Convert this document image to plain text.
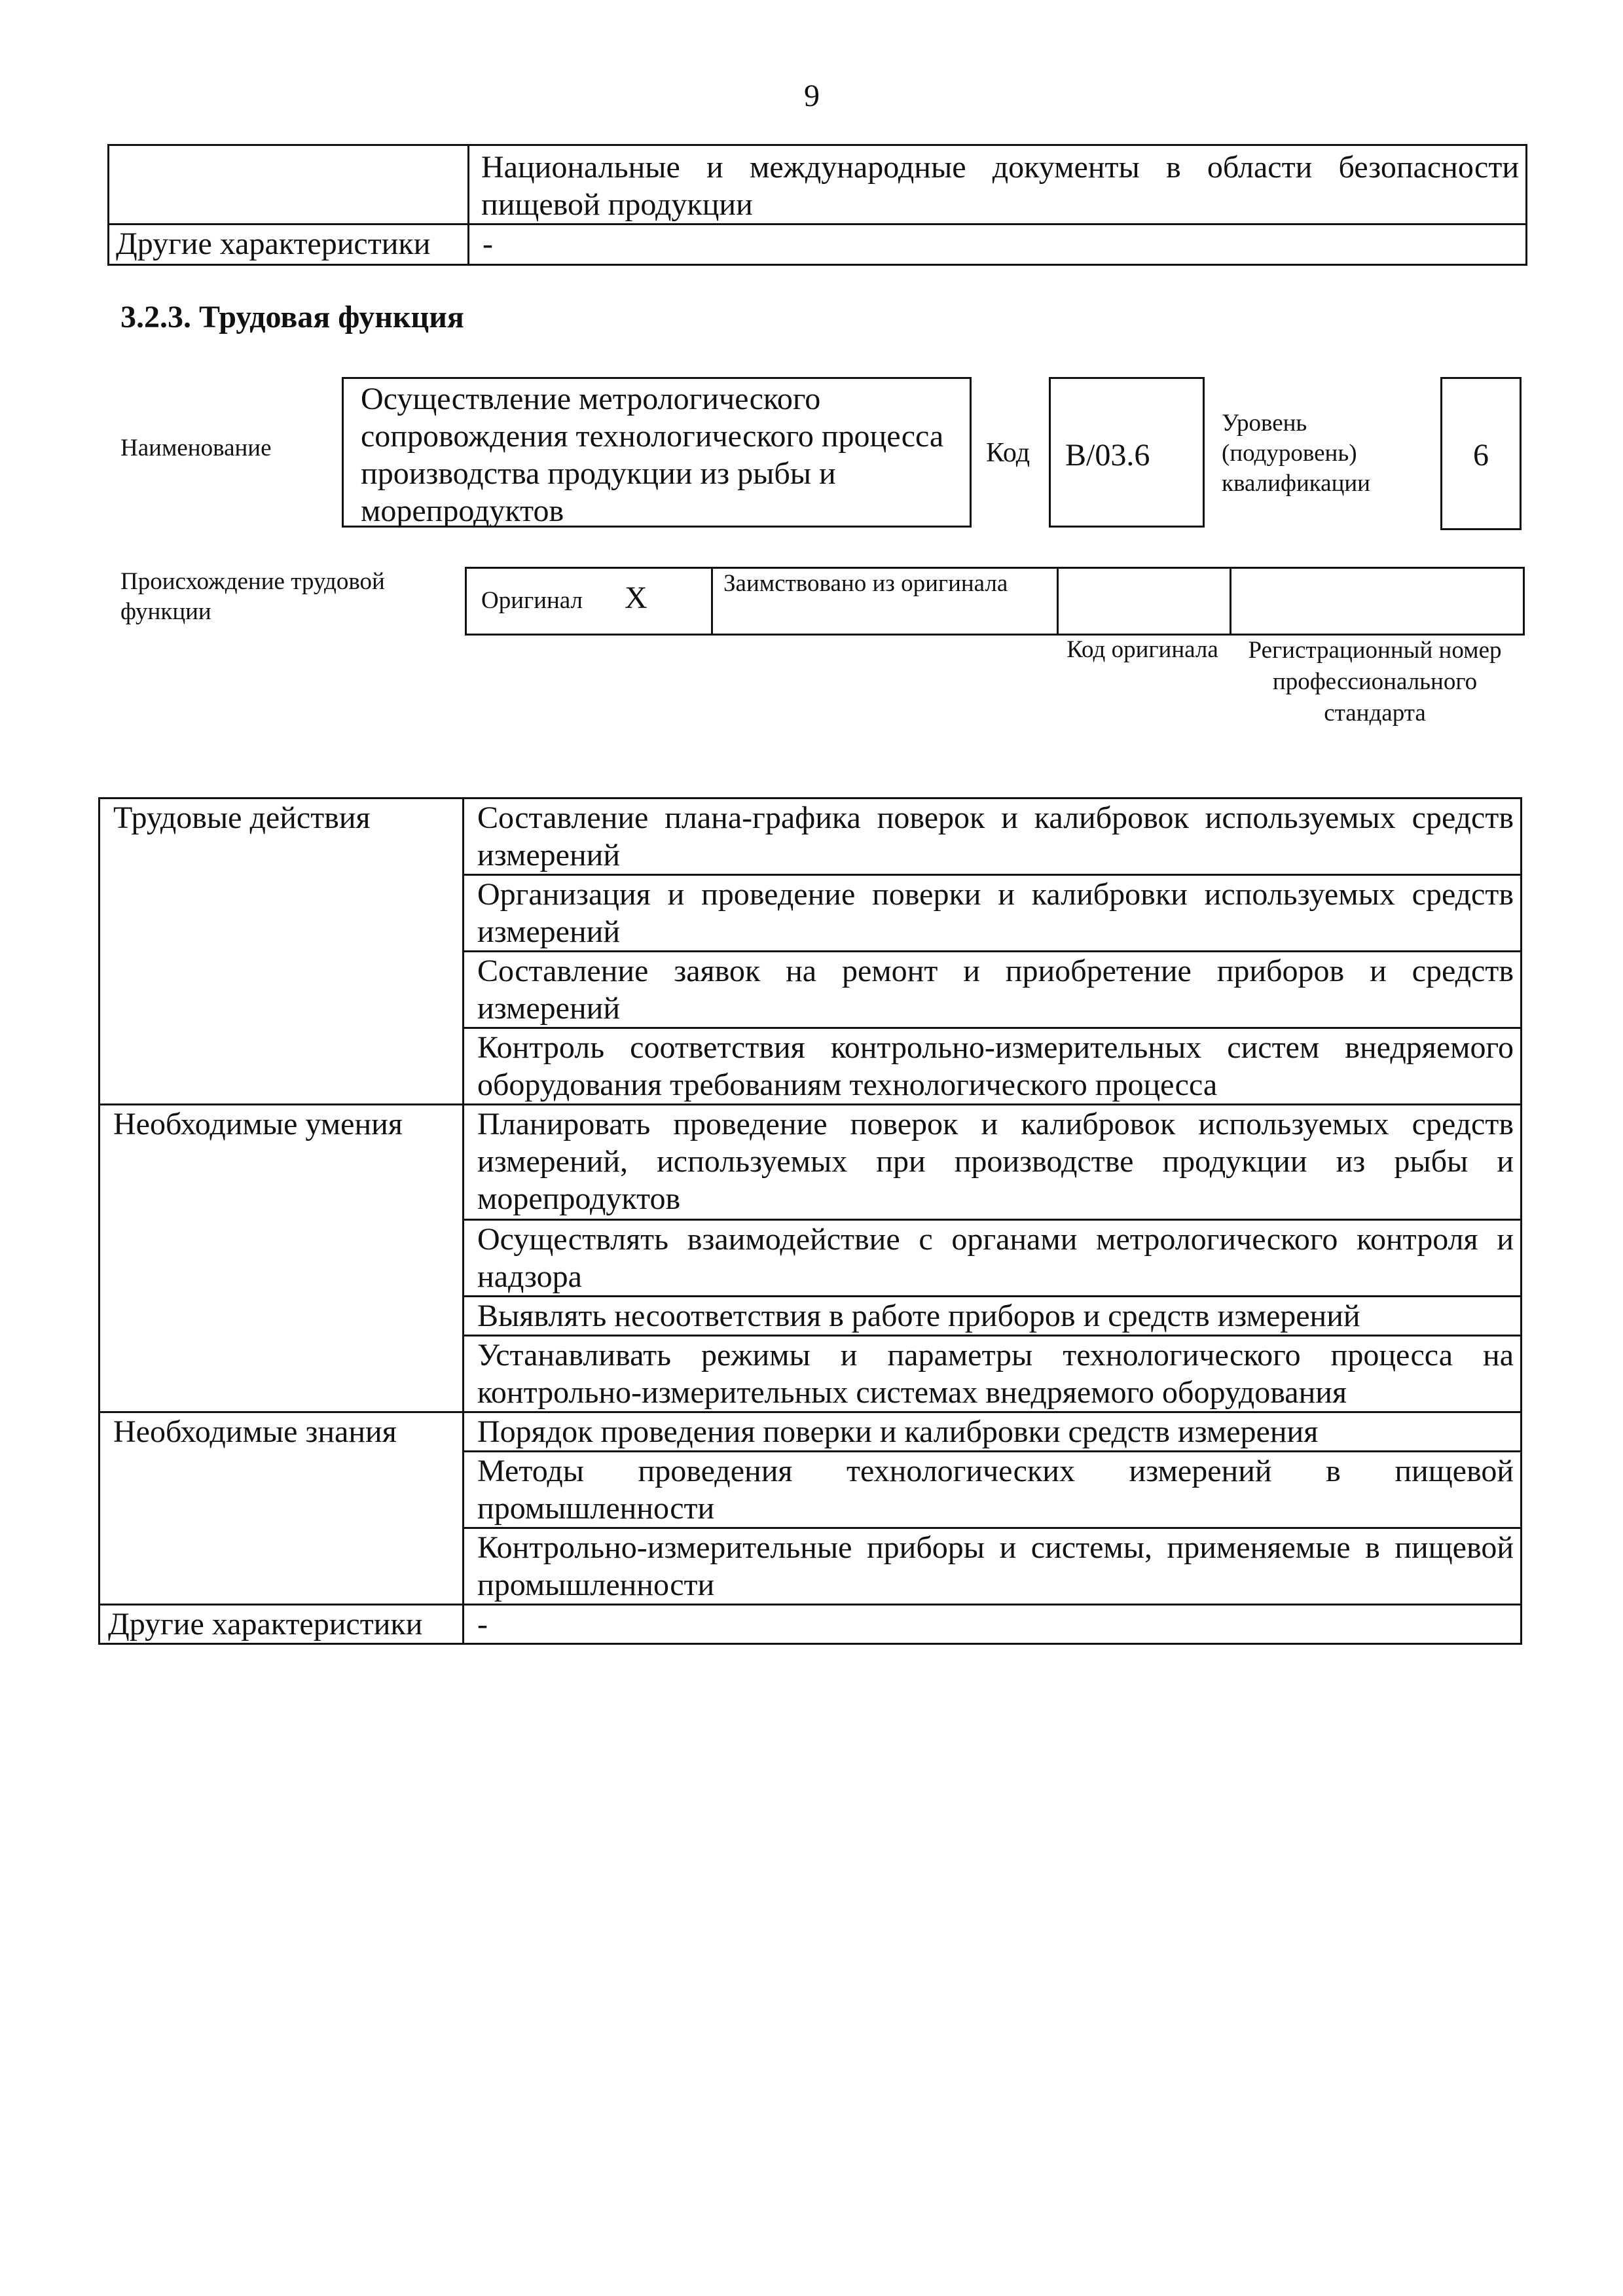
9
	Национальные и международные документы в области безопасности пищевой продукции
Другие характеристики	-
3.2.3. Трудовая функция
Наименование
Осуществление метрологического сопровождения технологического процесса производства продукции из рыбы и морепродуктов
Код	B/03.6
Уровень (подуровень) квалификации
6
Происхождение трудовой функции	Оригинал X	Заимствовано из оригинала		
Код оригинала	Регистрационный номер профессионального стандарта
Трудовые действия	Составление плана-графика поверок и калибровок используемых средств измерений
	Организация и проведение поверки и калибровки используемых средств измерений
	Составление заявок на ремонт и приобретение приборов и средств измерений
	Контроль соответствия контрольно-измерительных систем внедряемого оборудования требованиям технологического процесса
Необходимые умения	Планировать проведение поверок и калибровок используемых средств измерений, используемых при производстве продукции из рыбы и морепродуктов
	Осуществлять взаимодействие с органами метрологического контроля и надзора
	Выявлять несоответствия в работе приборов и средств измерений
	Устанавливать режимы и параметры технологического процесса на контрольно-измерительных системах внедряемого оборудования
Необходимые знания	Порядок проведения поверки и калибровки средств измерения
	Методы проведения технологических измерений в пищевой промышленности
	Контрольно-измерительные приборы и системы, применяемые в пищевой промышленности
Другие характеристики	-
